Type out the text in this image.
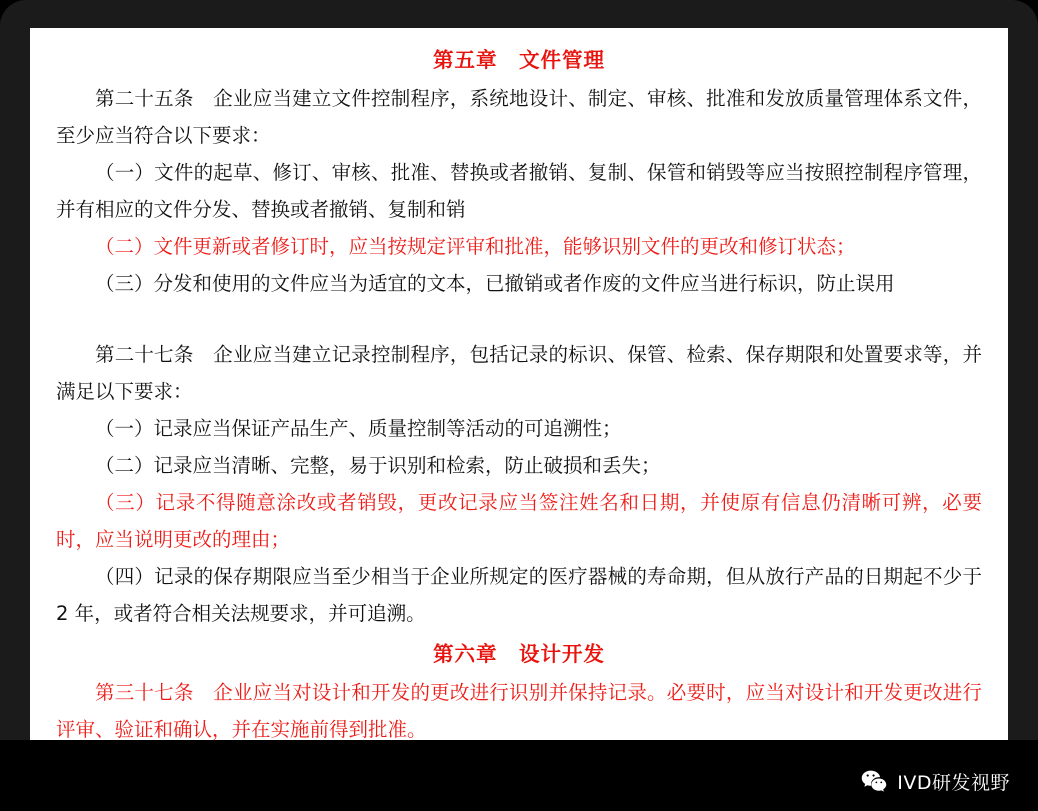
第五章　文件管理

第二十五条　企业应当建立文件控制程序，系统地设计、制定、审核、批准和发放质量管理体系文件，至少应当符合以下要求：

（一）文件的起草、修订、审核、批准、替换或者撤销、复制、保管和销毁等应当按照控制程序管理，并有相应的文件分发、替换或者撤销、复制和销

（二）文件更新或者修订时，应当按规定评审和批准，能够识别文件的更改和修订状态；

（三）分发和使用的文件应当为适宜的文本，已撤销或者作废的文件应当进行标识，防止误用

第二十七条　企业应当建立记录控制程序，包括记录的标识、保管、检索、保存期限和处置要求等，并满足以下要求：

（一）记录应当保证产品生产、质量控制等活动的可追溯性；

（二）记录应当清晰、完整，易于识别和检索，防止破损和丢失；

（三）记录不得随意涂改或者销毁，更改记录应当签注姓名和日期，并使原有信息仍清晰可辨，必要时，应当说明更改的理由；

（四）记录的保存期限应当至少相当于企业所规定的医疗器械的寿命期，但从放行产品的日期起不少于 2 年，或者符合相关法规要求，并可追溯。

第六章　设计开发

第三十七条　企业应当对设计和开发的更改进行识别并保持记录。必要时，应当对设计和开发更改进行评审、验证和确认，并在实施前得到批准。

IVD研发视野
